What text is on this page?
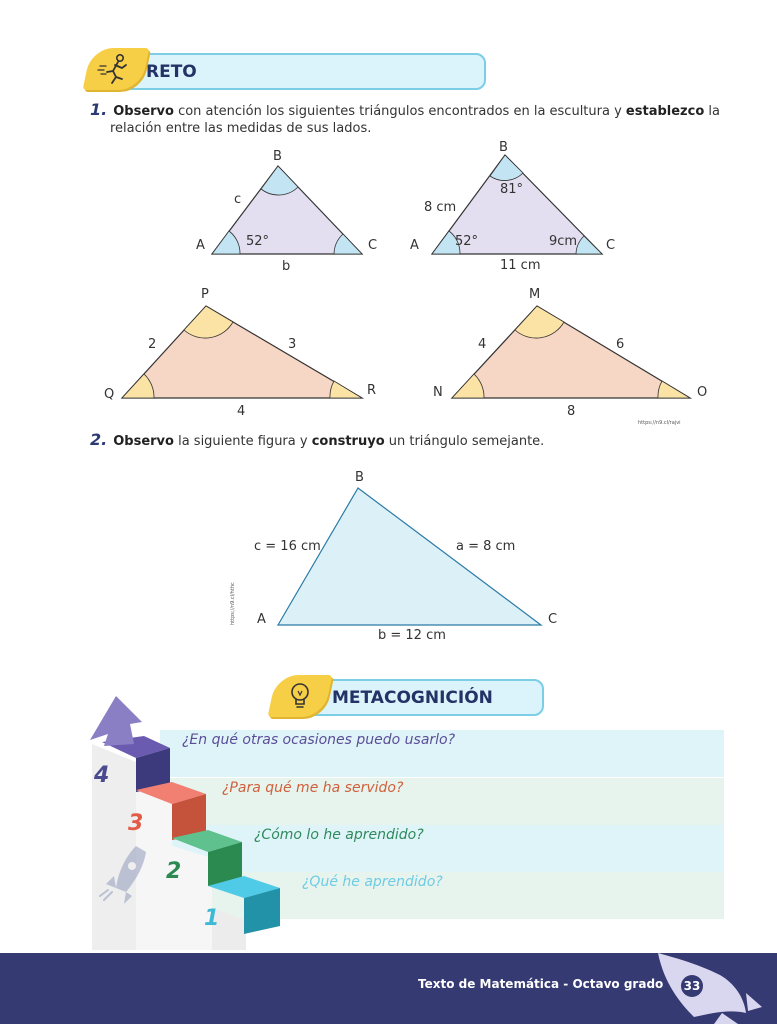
RETO
1. Observo con atención los siguientes triángulos encontrados en la escultura y establezco la
relación entre las medidas de sus lados.
B
A	C
c
b
52°
B
A	C
8 cm
11 cm
9cm
52°
81°
P
Q	R
2	3
4
M
N	O
4	6
8
https://n9.cl/rajvi
B
A	C
c = 16 cm	a = 8 cm
b = 12 cm
https://n9.cl/hthc
2. Observo la siguiente figura y construyo un triángulo semejante.
METACOGNICIÓN
¿En qué otras ocasiones puedo usarlo?
¿Para qué me ha servido?
¿Cómo lo he aprendido?
¿Qué he aprendido?
4
3
2
1
Texto de Matemática - Octavo grado 33
